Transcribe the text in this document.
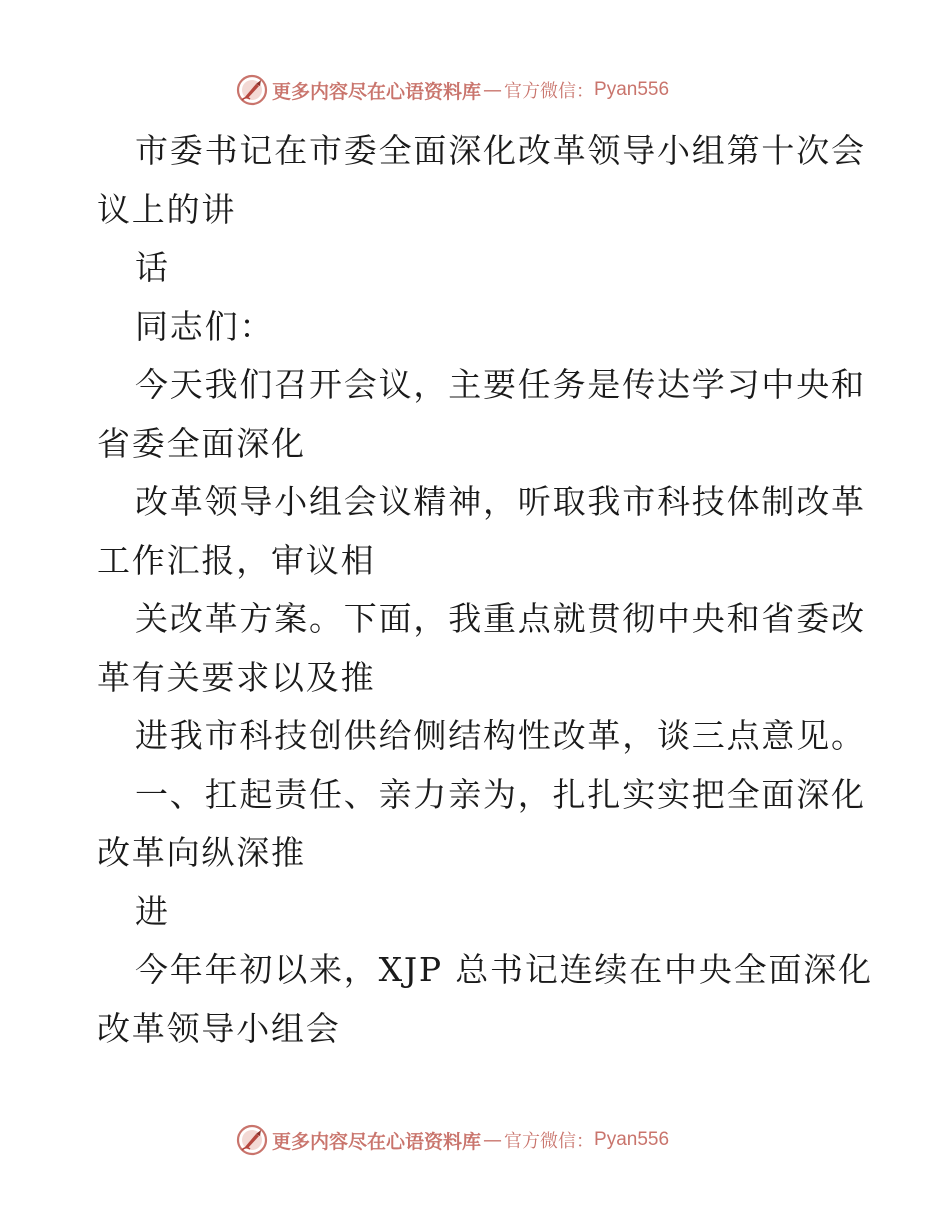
更多内容尽在心语资料库 — 官方微信： Pyan556
市委书记在市委全面深化改革领导小组第十次会
议上的讲
话
同志们：
今天我们召开会议，主要任务是传达学习中央和
省委全面深化
改革领导小组会议精神，听取我市科技体制改革
工作汇报，审议相
关改革方案。下面，我重点就贯彻中央和省委改
革有关要求以及推
进我市科技创供给侧结构性改革，谈三点意见。
一、扛起责任、亲力亲为，扎扎实实把全面深化
改革向纵深推
进
今年年初以来，XJP 总书记连续在中央全面深化
改革领导小组会
更多内容尽在心语资料库 — 官方微信： Pyan556
